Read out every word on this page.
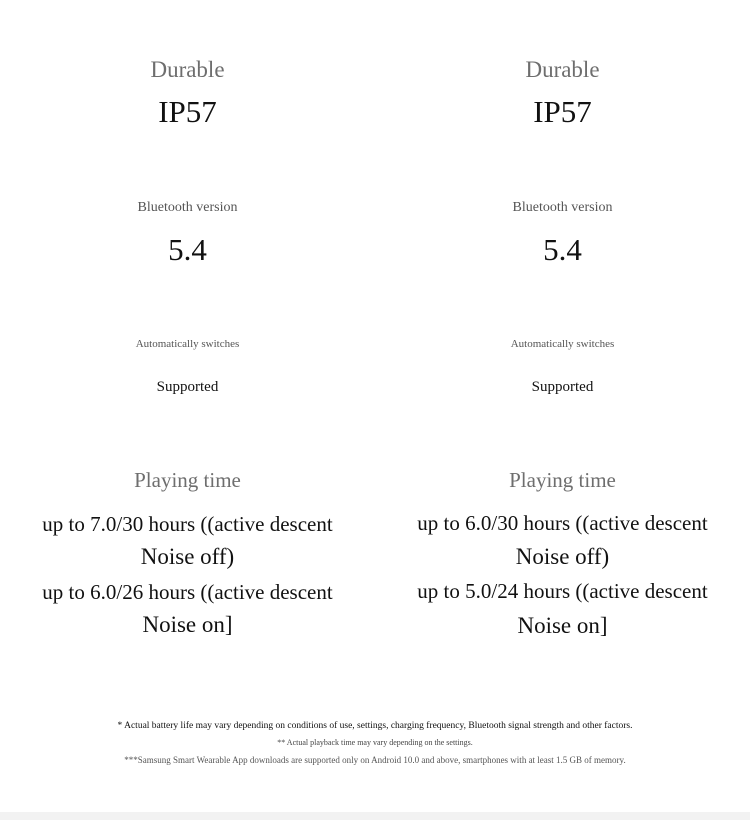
Durable
IP57
Bluetooth version
5.4
Automatically switches
Supported
Playing time
up to 7.0/30 hours ((active descent
Noise off)
up to 6.0/26 hours ((active descent
Noise on]
Durable
IP57
Bluetooth version
5.4
Automatically switches
Supported
Playing time
up to 6.0/30 hours ((active descent
Noise off)
up to 5.0/24 hours ((active descent
Noise on]
* Actual battery life may vary depending on conditions of use, settings, charging frequency, Bluetooth signal strength and other factors.
** Actual playback time may vary depending on the settings.
***Samsung Smart Wearable App downloads are supported only on Android 10.0 and above, smartphones with at least 1.5 GB of memory.
